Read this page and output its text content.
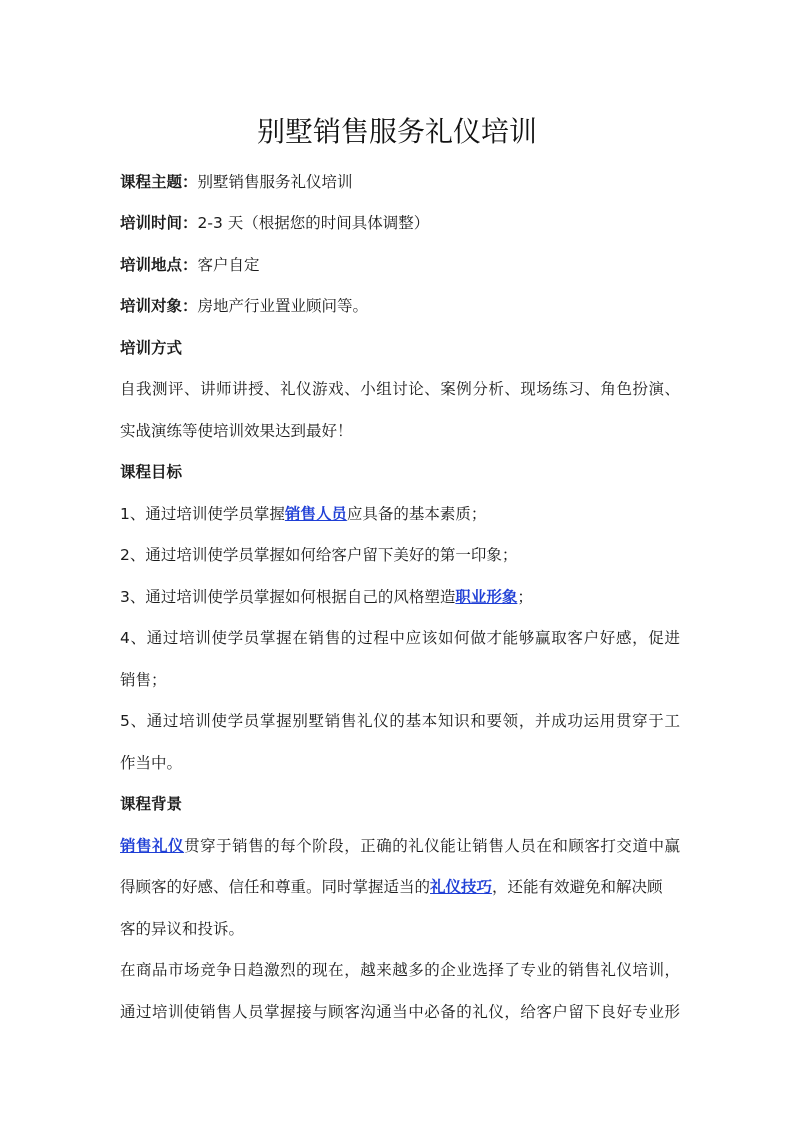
别墅销售服务礼仪培训
课程主题：别墅销售服务礼仪培训
培训时间：2-3 天（根据您的时间具体调整）
培训地点：客户自定
培训对象：房地产行业置业顾问等。
培训方式
自我测评、讲师讲授、礼仪游戏、小组讨论、案例分析、现场练习、角色扮演、
实战演练等使培训效果达到最好！
课程目标
1、通过培训使学员掌握销售人员应具备的基本素质；
2、通过培训使学员掌握如何给客户留下美好的第一印象；
3、通过培训使学员掌握如何根据自己的风格塑造职业形象；
4、通过培训使学员掌握在销售的过程中应该如何做才能够赢取客户好感，促进
销售；
5、通过培训使学员掌握别墅销售礼仪的基本知识和要领，并成功运用贯穿于工
作当中。
课程背景
销售礼仪贯穿于销售的每个阶段，正确的礼仪能让销售人员在和顾客打交道中赢
得顾客的好感、信任和尊重。同时掌握适当的礼仪技巧，还能有效避免和解决顾
客的异议和投诉。
在商品市场竞争日趋激烈的现在，越来越多的企业选择了专业的销售礼仪培训，
通过培训使销售人员掌握接与顾客沟通当中必备的礼仪，给客户留下良好专业形
